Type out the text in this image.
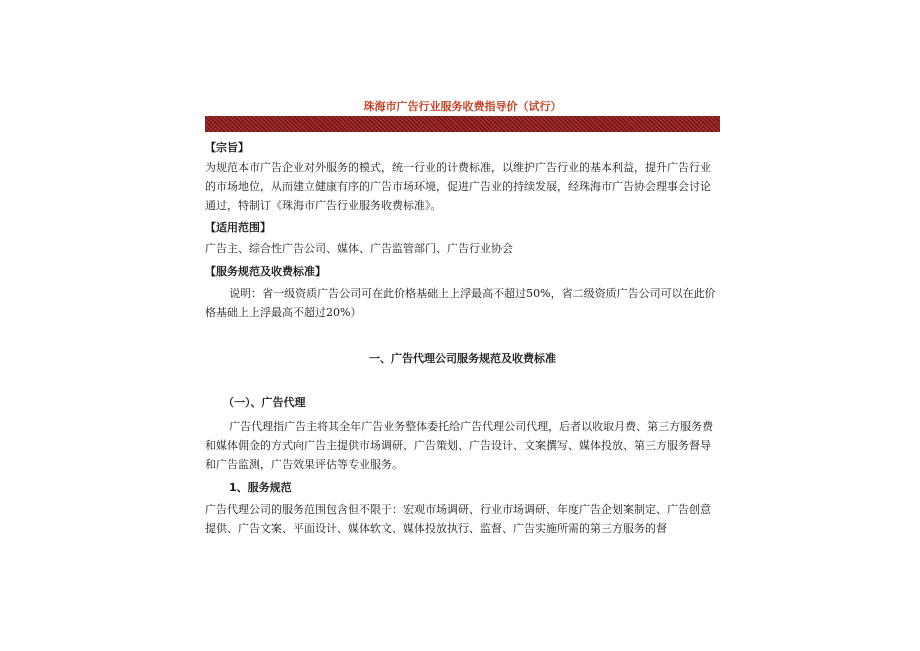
珠海市广告行业服务收费指导价（试行）
【宗旨】

为规范本市广告企业对外服务的模式，统一行业的计费标准，以维护广告行业的基本利益，提升广告行业的市场地位，从而建立健康有序的广告市场环境，促进广告业的持续发展，经珠海市广告协会理事会讨论通过，特制订《珠海市广告行业服务收费标准》。

【适用范围】

广告主、综合性广告公司、媒体、广告监管部门、广告行业协会

【服务规范及收费标准】

说明：省一级资质广告公司可在此价格基础上上浮最高不超过50%，省二级资质广告公司可以在此价格基础上上浮最高不超过20%）

一、广告代理公司服务规范及收费标准
（一）、广告代理

广告代理指广告主将其全年广告业务整体委托给广告代理公司代理，后者以收取月费、第三方服务费和媒体佣金的方式向广告主提供市场调研、广告策划、广告设计、文案撰写、媒体投放、第三方服务督导和广告监测，广告效果评估等专业服务。

1、服务规范

广告代理公司的服务范围包含但不限于：宏观市场调研、行业市场调研、年度广告企划案制定、广告创意提供、广告文案、平面设计、媒体软文、媒体投放执行、监督、广告实施所需的第三方服务的督
